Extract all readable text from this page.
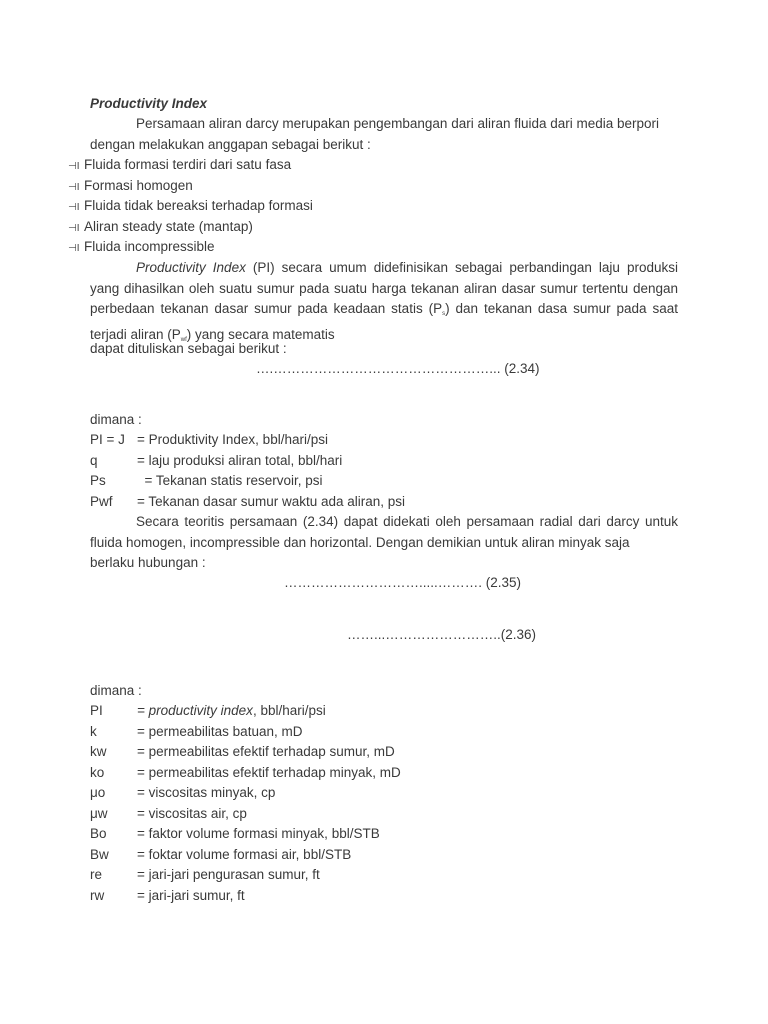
Productivity Index
Persamaan aliran darcy merupakan pengembangan dari aliran fluida dari media berpori
dengan melakukan anggapan sebagai berikut :
⊣I Fluida formasi terdiri dari satu fasa
⊣I Formasi homogen
⊣I Fluida tidak bereaksi terhadap formasi
⊣I Aliran steady state (mantap)
⊣I Fluida incompressible
Productivity Index (PI) secara umum didefinisikan sebagai perbandingan laju produksi yang dihasilkan oleh suatu sumur pada suatu harga tekanan aliran dasar sumur tertentu dengan perbedaan tekanan dasar sumur pada keadaan statis $(P_s)$ dan tekanan dasa sumur pada saat terjadi aliran $(P_{wf})$ yang secara matematis
dapat dituliskan sebagai berikut :
….…………………………………………... (2.34)
dimana :
PI = J = Produktivity Index, bbl/hari/psi
q	= laju produksi aliran total, bbl/hari
Ps  = Tekanan statis reservoir, psi
Pwf = Tekanan dasar sumur waktu ada aliran, psi
Secara teoritis persamaan (2.34) dapat didekati oleh persamaan radial dari darcy untuk fluida homogen, incompressible dan horizontal. Dengan demikian untuk aliran minyak saja
berlaku hubungan :
………………………….....………. (2.35)
……...……………………..(2.36)
dimana :
PI	= productivity index, bbl/hari/psi
k	= permeabilitas batuan, mD
kw = permeabilitas efektif terhadap sumur, mD
ko = permeabilitas efektif terhadap minyak, mD
μo = viscositas minyak, cp
μw = viscositas air, cp
Bo = faktor volume formasi minyak, bbl/STB
Bw = foktar volume formasi air, bbl/STB
re	= jari-jari pengurasan sumur, ft
rw = jari-jari sumur, ft
